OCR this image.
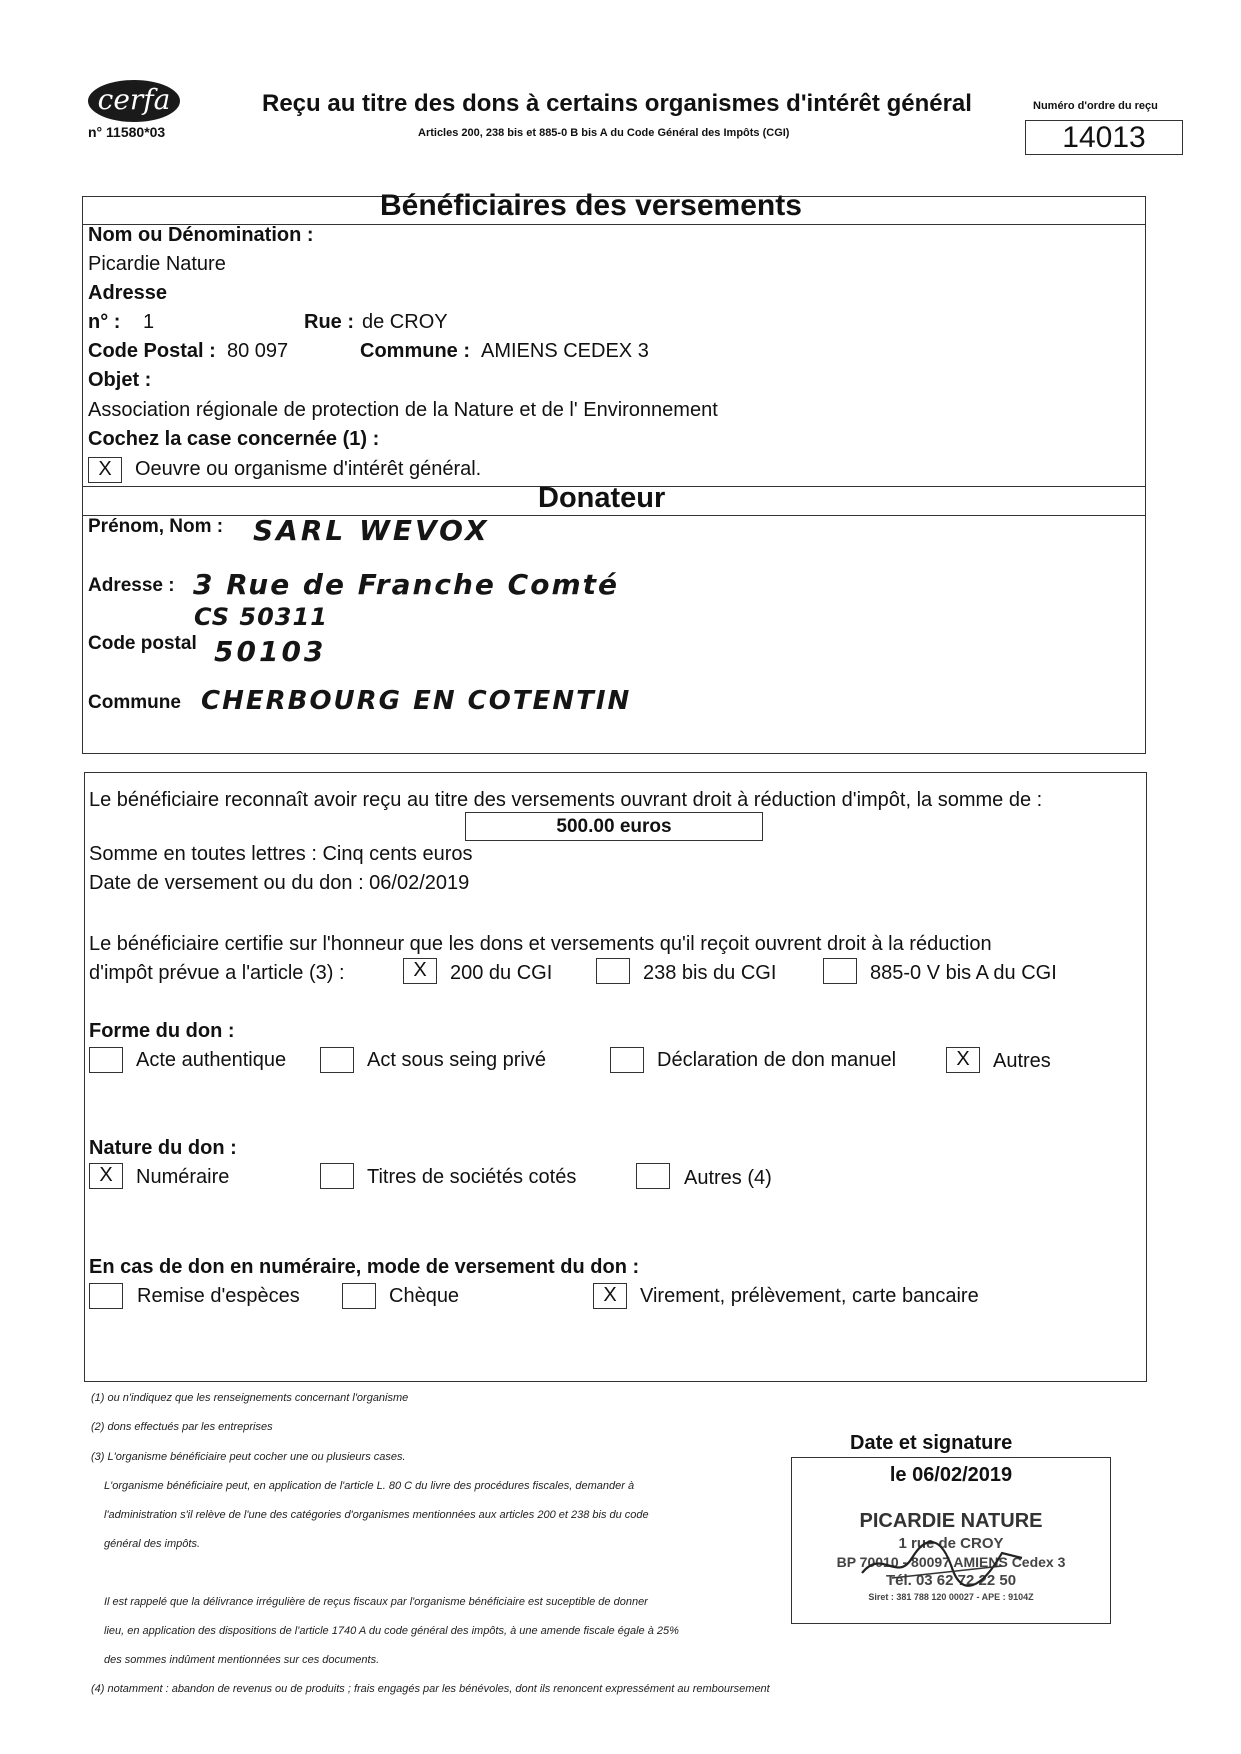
cerfa
n° 11580*03
Reçu au titre des dons à certains organismes d'intérêt général
Articles 200, 238 bis et 885-0 B bis A du Code Général des Impôts (CGI)
Numéro d'ordre du reçu
14013
Bénéficiaires des versements
Nom ou Dénomination :
Picardie Nature
Adresse
n° : 1	Rue : de CROY
Code Postal : 80 097	Commune : AMIENS CEDEX 3
Objet :
Association régionale de protection de la Nature et de l' Environnement
Cochez la case concernée (1) :
X	Oeuvre ou organisme d'intérêt général.
Donateur
Prénom, Nom : SARL WEVOX
Adresse : 3 Rue de Franche Comté
CS 50311
Code postal 50103
Commune CHERBOURG EN COTENTIN
Le bénéficiaire reconnaît avoir reçu au titre des versements ouvrant droit à réduction d'impôt, la somme de :
500.00 euros
Somme en toutes lettres : Cinq cents euros
Date de versement ou du don : 06/02/2019
Le bénéficiaire certifie sur l'honneur que les dons et versements qu'il reçoit ouvrent droit à la réduction
d'impôt prévue a l'article (3) :	X	200 du CGI	238 bis du CGI	885-0 V bis A du CGI
Forme du don :
Acte authentique	Act sous seing privé	Déclaration de don manuel	X	Autres
Nature du don :
X	Numéraire	Titres de sociétés cotés	Autres (4)
En cas de don en numéraire, mode de versement du don :
Remise d'espèces	Chèque	X	Virement, prélèvement, carte bancaire
(1) ou n'indiquez que les renseignements concernant l'organisme
(2) dons effectués par les entreprises
(3) L'organisme bénéficiaire peut cocher une ou plusieurs cases.
L'organisme bénéficiaire peut, en application de l'article L. 80 C du livre des procédures fiscales, demander à
l'administration s'il relève de l'une des catégories d'organismes mentionnées aux articles 200 et 238 bis du code
général des impôts.
Il est rappelé que la délivrance irrégulière de reçus fiscaux par l'organisme bénéficiaire est suceptible de donner
lieu, en application des dispositions de l'article 1740 A du code général des impôts, à une amende fiscale égale à 25%
des sommes indûment mentionnées sur ces documents.
(4) notamment : abandon de revenus ou de produits ; frais engagés par les bénévoles, dont ils renoncent expressément au remboursement
Date et signature
le 06/02/2019
PICARDIE NATURE
1 rue de CROY
BP 70010 - 80097 AMIENS Cedex 3
Tél. 03 62 72 22 50
Siret : 381 788 120 00027 - APE : 9104Z
